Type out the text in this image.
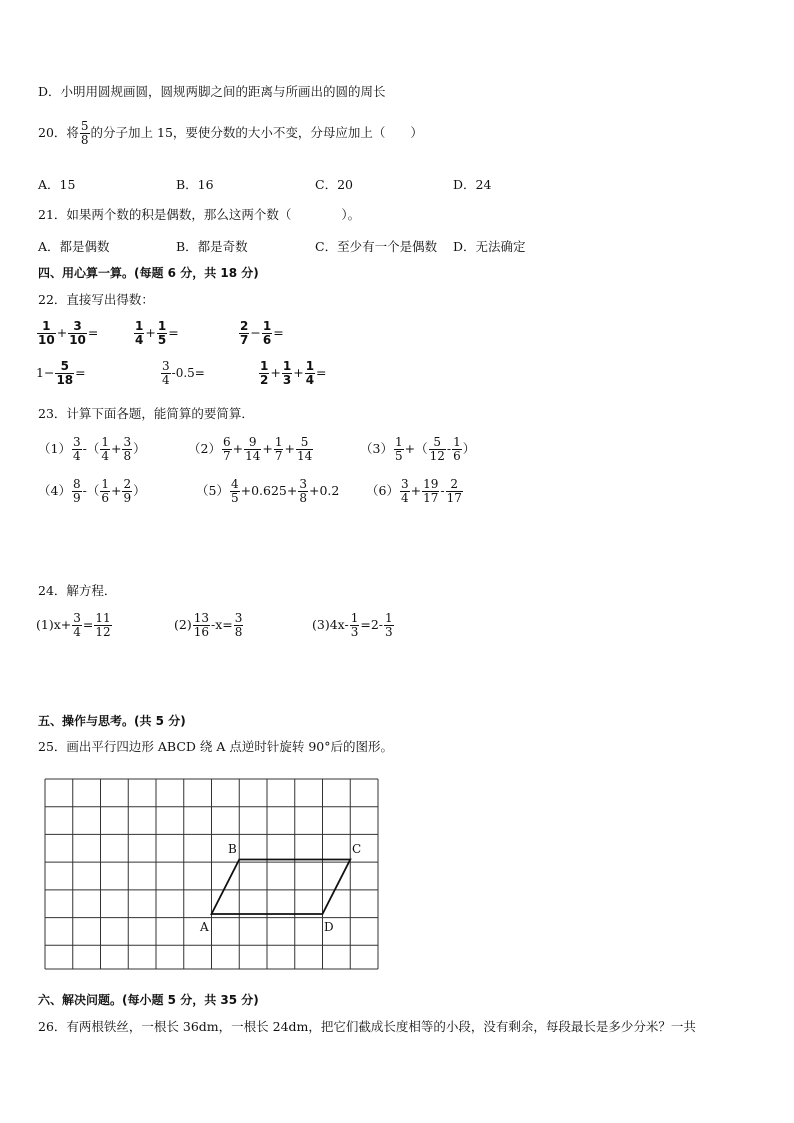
D．小明用圆规画圆，圆规两脚之间的距离与所画出的圆的周长
20．将 $\frac{5}{8}$ 的分子加上 15，要使分数的大小不变，分母应加上（　　）
A．15	B．16	C．20	D．24
21．如果两个数的积是偶数，那么这两个数（　　　　）。
A．都是偶数	B．都是奇数	C．至少有一个是偶数 D．无法确定
四、用心算一算。(每题 6 分，共 18 分)
22．直接写出得数：
$\frac{1}{10} + \frac{3}{10}$ =	$\frac{1}{4} + \frac{1}{5}$ =	$\frac{2}{7} - \frac{1}{6}$ =
$1- \frac{5}{18}$ =	$\frac{3}{4} -0.5=$	$\frac{1}{2} + \frac{1}{3} + \frac{1}{4}$ =
23．计算下面各题，能简算的要简算．
$(1) \frac{3}{4}$ -（ $\frac{1}{4} + \frac{3}{8}$ ）	$(2) \frac{6}{7} + \frac{9}{14} + \frac{1}{7} + \frac{5}{14}$	$(3) \frac{1}{5}$ +（ $\frac{5}{12} - \frac{1}{6}$ ）
$(4) \frac{8}{9}$ -（ $\frac{1}{6} + \frac{2}{9}$ ）	$(5) \frac{4}{5} +0.625+ \frac{3}{8} +0.2$ $(6) \frac{3}{4} + \frac{19}{17} - \frac{2}{17}$
24．解方程．
$(1)x+ \frac{3}{4} = \frac{11}{12}$	$(2) \frac{13}{16} -x= \frac{3}{8}$	$(3)4x- \frac{1}{3} =2- \frac{1}{3}$
五、操作与思考。(共 5 分)
25．画出平行四边形 ABCD 绕 A 点逆时针旋转 90°后的图形。
B	C
A	D
六、解决问题。(每小题 5 分，共 35 分)
26．有两根铁丝，一根长 36dm，一根长 24dm，把它们截成长度相等的小段，没有剩余，每段最长是多少分米？一共
